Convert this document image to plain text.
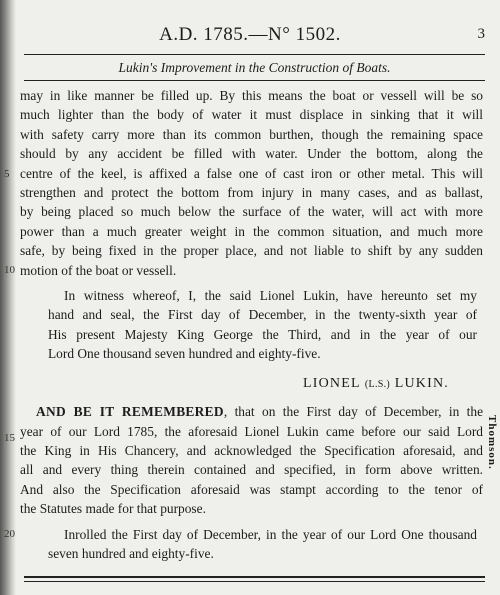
A.D. 1785.—N° 1502.	3
Lukin's Improvement in the Construction of Boats.
5
10
15
20
may in like manner be filled up. By this means the boat or vessell will be so
much lighter than the body of water it must displace in sinking that it will
with safety carry more than its common burthen, though the remaining space
should by any accident be filled with water. Under the bottom, along the
centre of the keel, is affixed a false one of cast iron or other metal. This will
strengthen and protect the bottom from injury in many cases, and as ballast,
by being placed so much below the surface of the water, will act with more
power than a much greater weight in the common situation, and much more
safe, by being fixed in the proper place, and not liable to shift by any sudden
motion of the boat or vessell.
In witness whereof, I, the said Lionel Lukin, have hereunto set my
hand and seal, the First day of December, in the twenty-sixth year of
His present Majesty King George the Third, and in the year of our
Lord One thousand seven hundred and eighty-five.
LIONEL (L.S.) LUKIN.
AND BE IT REMEMBERED, that on the First day of December, in the
year of our Lord 1785, the aforesaid Lionel Lukin came before our said Lord
the King in His Chancery, and acknowledged the Specification aforesaid, and
all and every thing therein contained and specified, in form above written.
And also the Specification aforesaid was stampt according to the tenor of
the Statutes made for that purpose.
Inrolled the First day of December, in the year of our Lord One thousand
seven hundred and eighty-five.
Thomson.
